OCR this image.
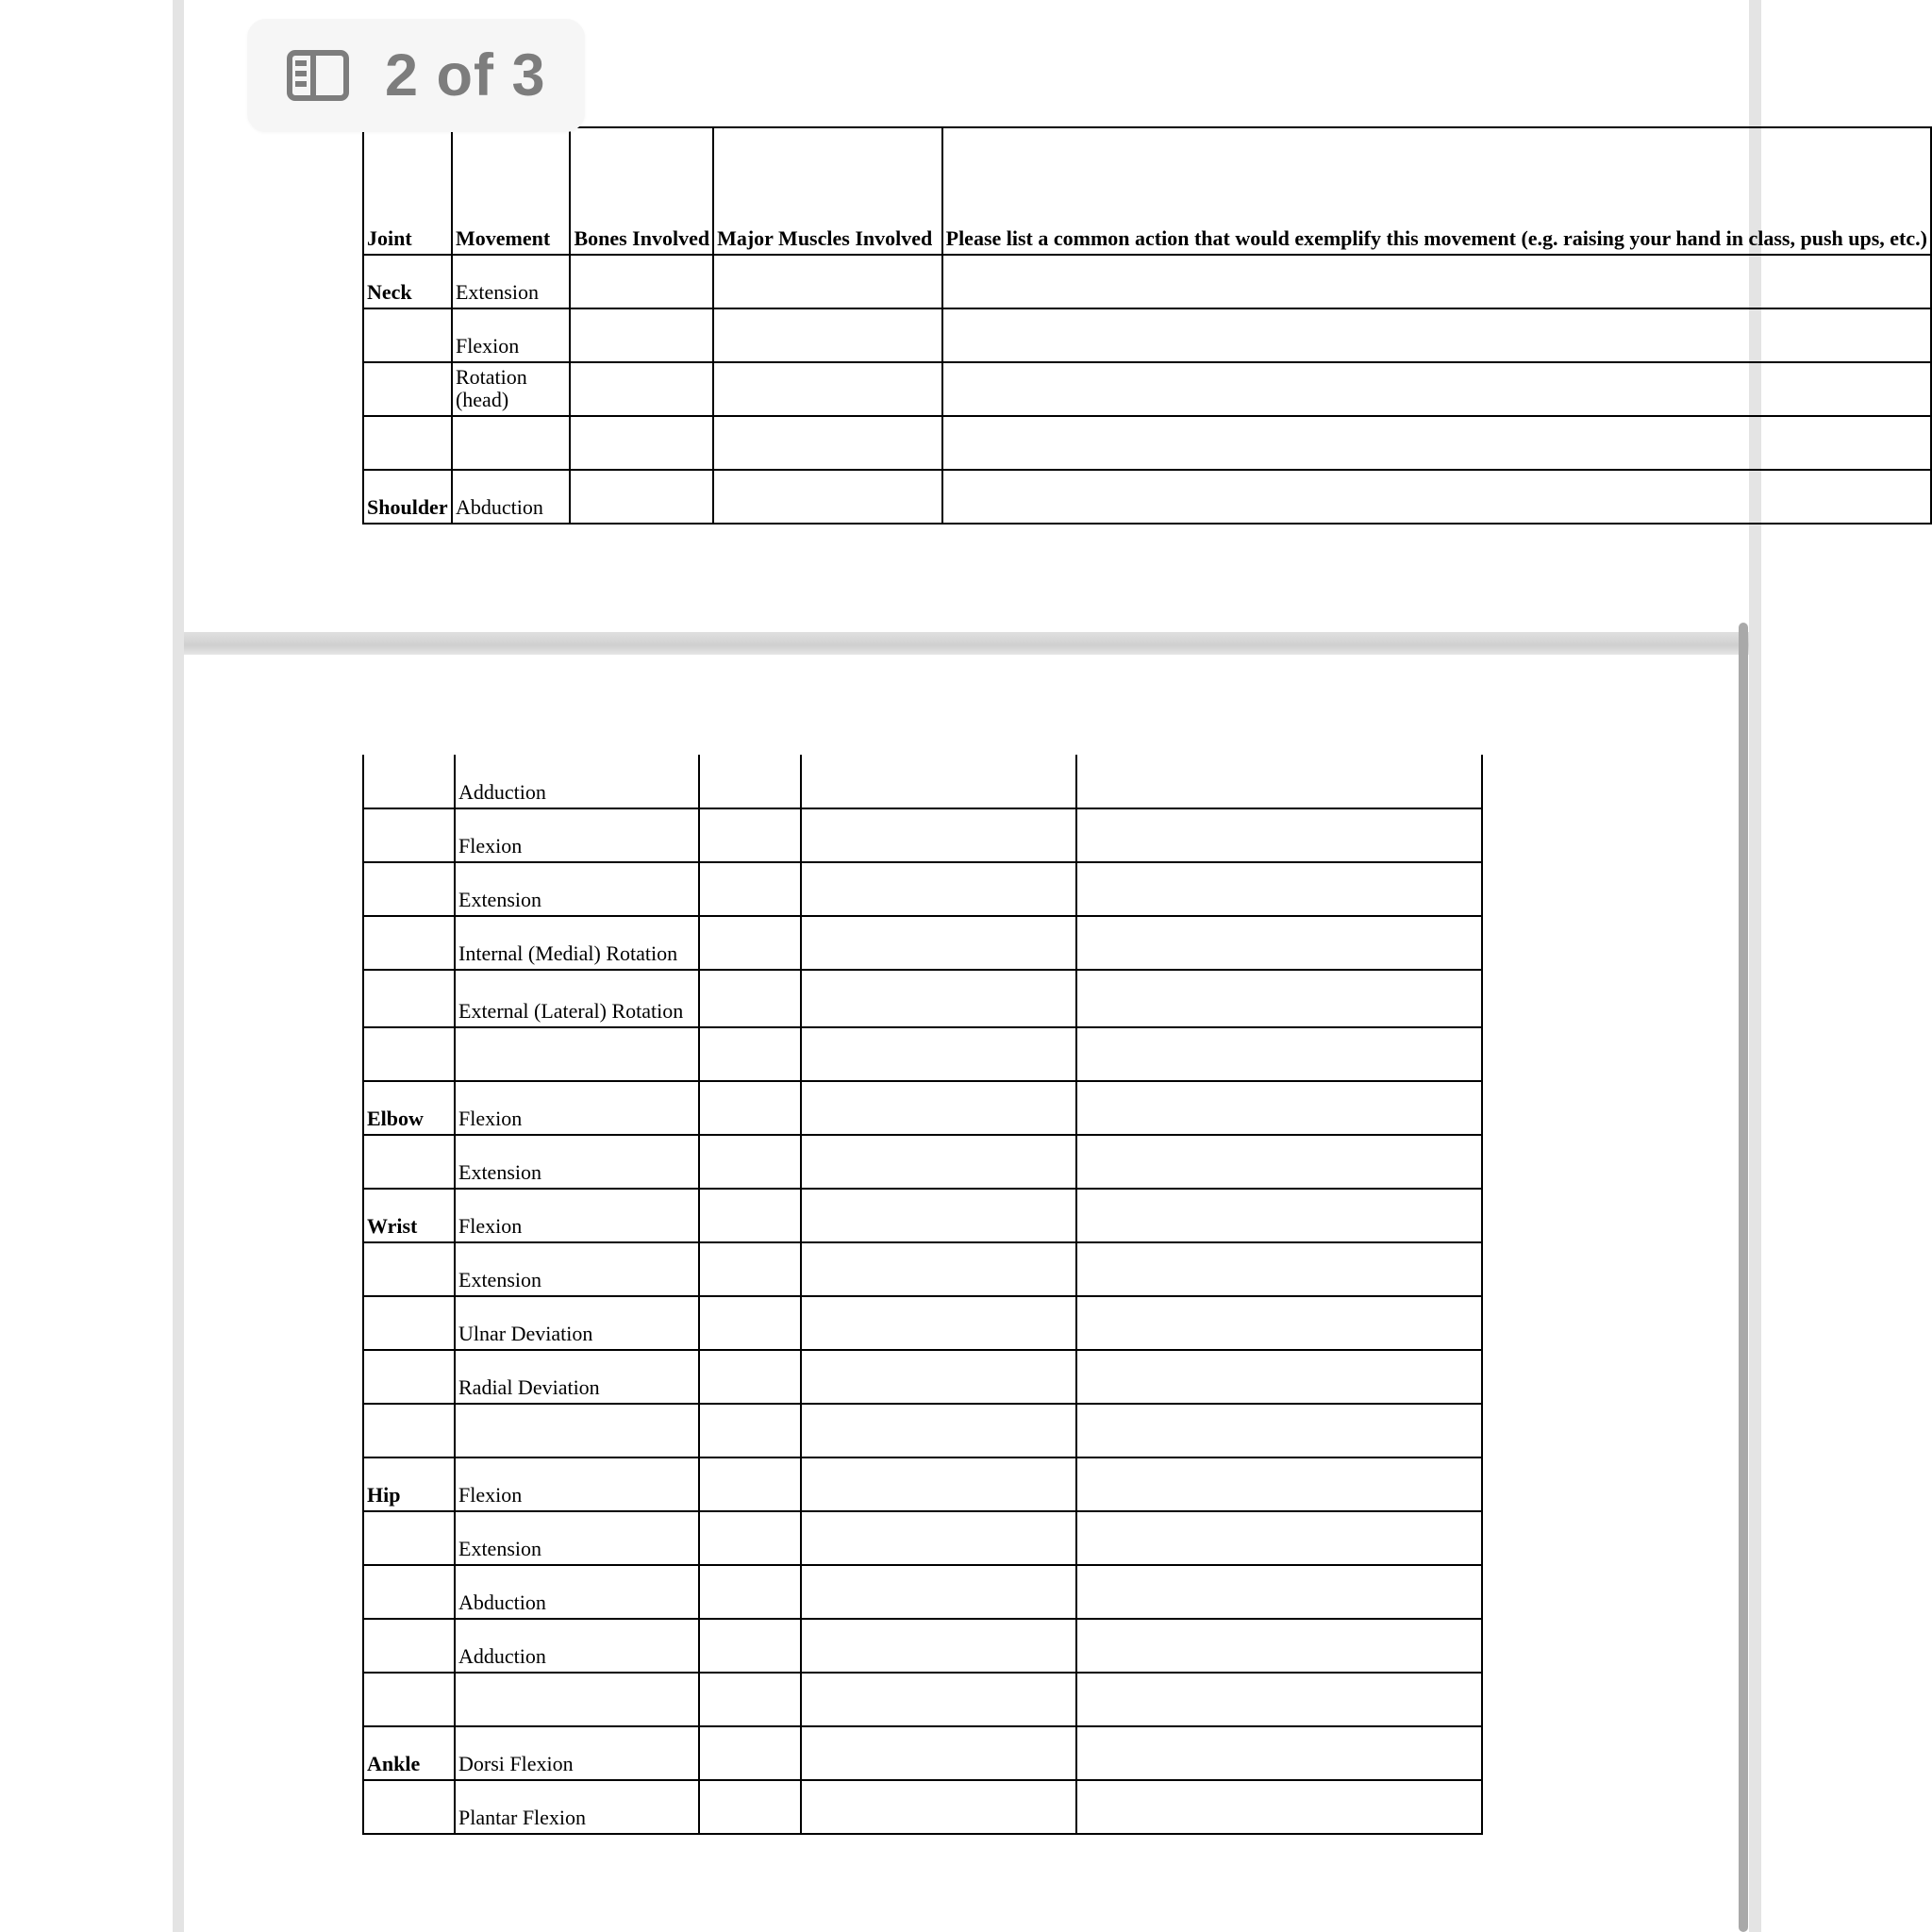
Joint	Movement	Bones Involved	Major Muscles Involved	Please list a common action that would exemplify this movement (e.g. raising your hand in class, push ups, etc.)
Neck	Extension			
	Flexion			
	Rotation (head)			

Shoulder	Abduction			
	Adduction			
	Flexion			
	Extension			
	Internal (Medial) Rotation			
	External (Lateral) Rotation			

Elbow	Flexion			
	Extension			
Wrist	Flexion			
	Extension			
	Ulnar Deviation			
	Radial Deviation			

Hip	Flexion			
	Extension			
	Abduction			
	Adduction			

Ankle	Dorsi Flexion			
	Plantar Flexion			
2 of 3
